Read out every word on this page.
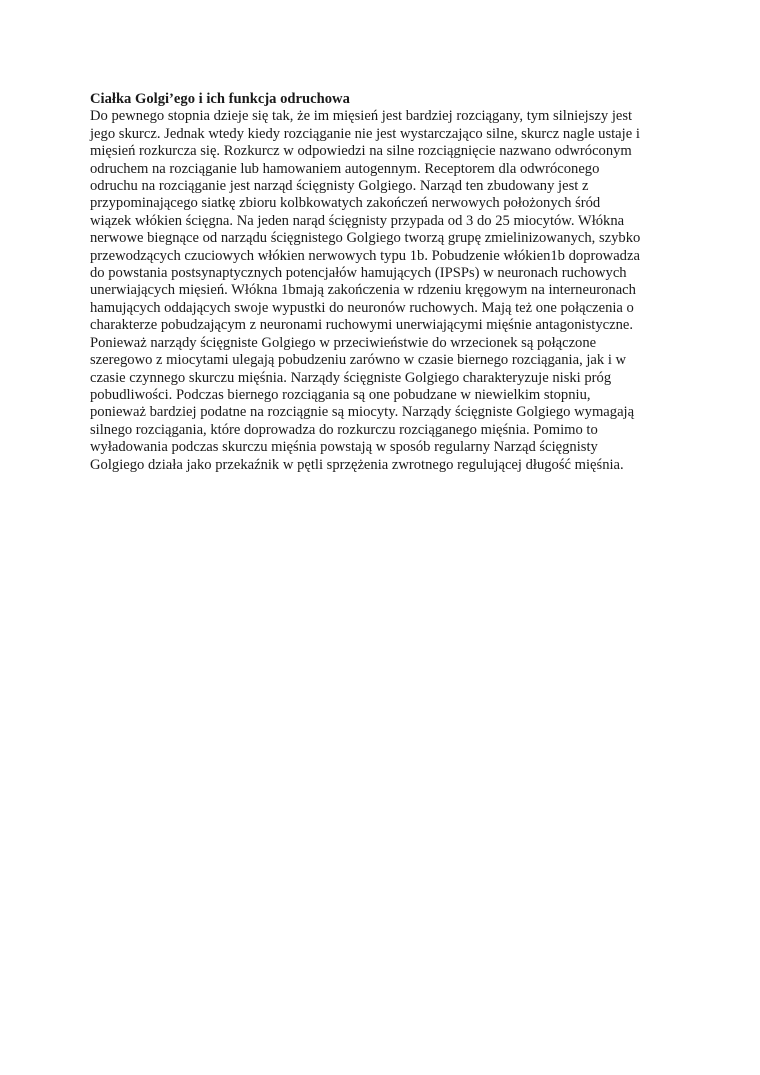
Ciałka Golgi’ego i ich funkcja odruchowa

Do pewnego stopnia dzieje się tak, że im mięsień jest bardziej rozciągany, tym silniejszy jest
jego skurcz. Jednak wtedy kiedy rozciąganie nie jest wystarczająco silne, skurcz nagle ustaje i
mięsień rozkurcza się. Rozkurcz w odpowiedzi na silne rozciągnięcie nazwano odwróconym
odruchem na rozciąganie lub hamowaniem autogennym. Receptorem dla odwróconego
odruchu na rozciąganie jest narząd ścięgnisty Golgiego. Narząd ten zbudowany jest z
przypominającego siatkę zbioru kolbkowatych zakończeń nerwowych położonych śród
wiązek włókien ścięgna. Na jeden narąd ścięgnisty przypada od 3 do 25 miocytów. Włókna
nerwowe biegnące od narządu ścięgnistego Golgiego tworzą grupę zmielinizowanych, szybko
przewodzących czuciowych włókien nerwowych typu 1b. Pobudzenie włókien1b doprowadza
do powstania postsynaptycznych potencjałów hamujących (IPSPs) w neuronach ruchowych
unerwiających mięsień. Włókna 1bmają zakończenia w rdzeniu kręgowym na interneuronach
hamujących oddających swoje wypustki do neuronów ruchowych. Mają też one połączenia o
charakterze pobudzającym z neuronami ruchowymi unerwiającymi mięśnie antagonistyczne.
Ponieważ narządy ścięgniste Golgiego w przeciwieństwie do wrzecionek są połączone
szeregowo z miocytami ulegają pobudzeniu zarówno w czasie biernego rozciągania, jak i w
czasie czynnego skurczu mięśnia. Narządy ścięgniste Golgiego charakteryzuje niski próg
pobudliwości. Podczas biernego rozciągania są one pobudzane w niewielkim stopniu,
ponieważ bardziej podatne na rozciągnie są miocyty. Narządy ścięgniste Golgiego wymagają
silnego rozciągania, które doprowadza do rozkurczu rozciąganego mięśnia. Pomimo to
wyładowania podczas skurczu mięśnia powstają w sposób regularny Narząd ścięgnisty
Golgiego działa jako przekaźnik w pętli sprzężenia zwrotnego regulującej długość mięśnia.
